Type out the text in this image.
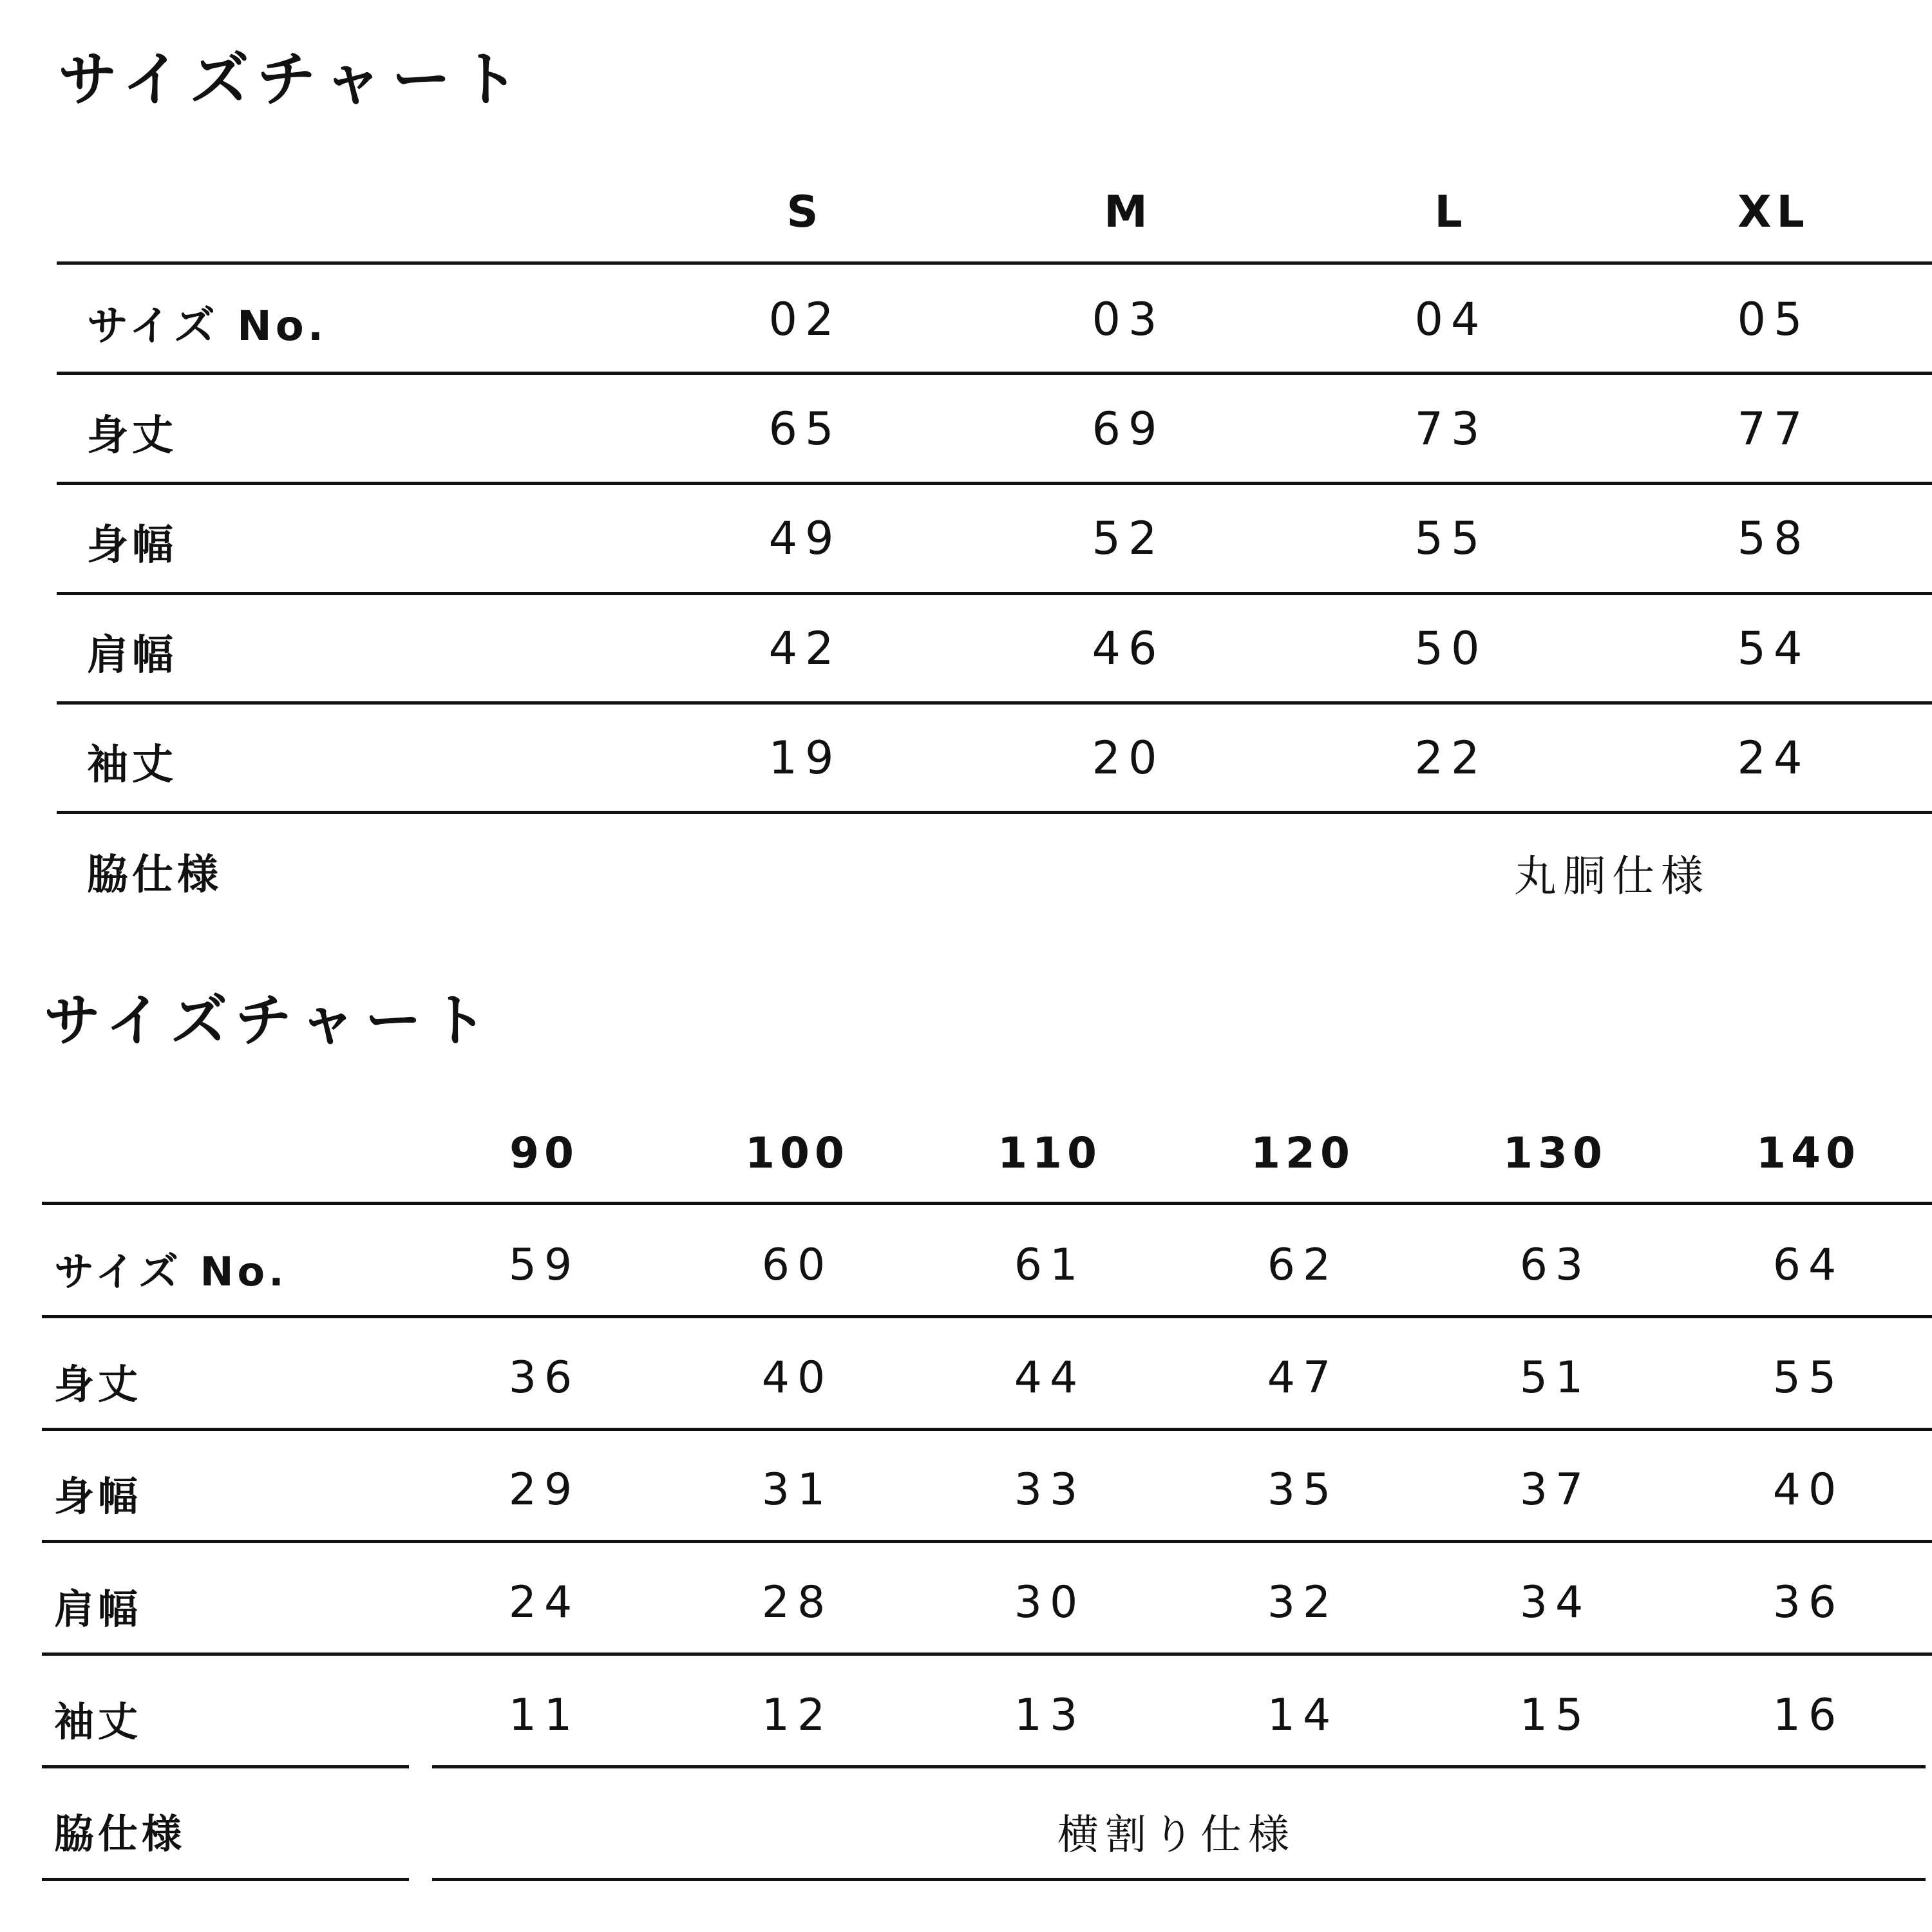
サイズチャート
S	M	L	XL
サイズ No.	02	03	04	05
身丈	65	69	73	77
身幅	49	52	55	58
肩幅	42	46	50	54
袖丈	19	20	22	24
脇仕様	丸胴仕様
サイズチャート
90	100	110	120	130	140
サイズ No.	59	60	61	62	63	64
身丈	36	40	44	47	51	55
身幅	29	31	33	35	37	40
肩幅	24	28	30	32	34	36
袖丈	11	12	13	14	15	16
脇仕様	横割り仕様
